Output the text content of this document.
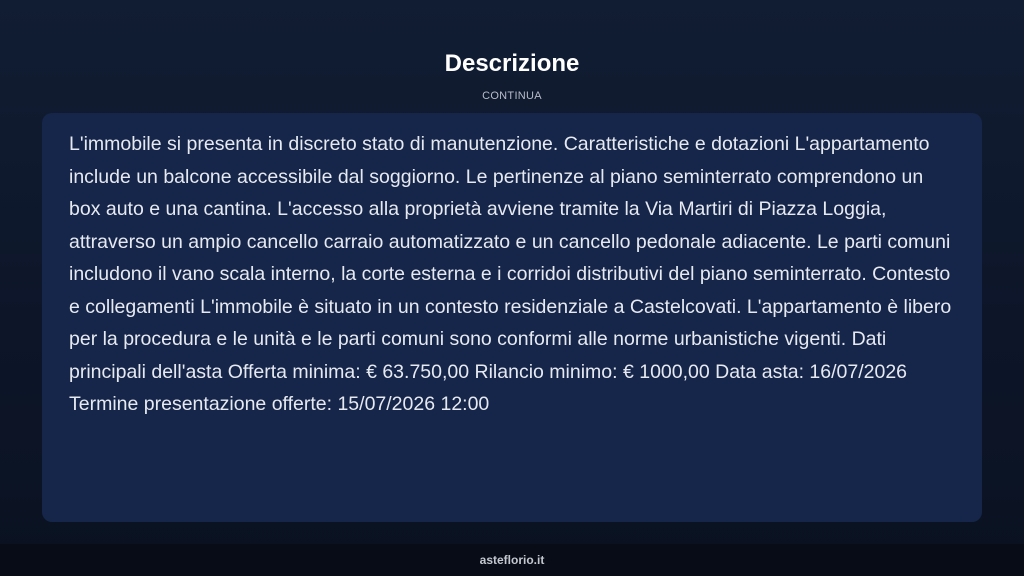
Descrizione
CONTINUA

L'immobile si presenta in discreto stato di manutenzione. Caratteristiche e dotazioni L'appartamento include un balcone accessibile dal soggiorno. Le pertinenze al piano seminterrato comprendono un box auto e una cantina. L'accesso alla proprietà avviene tramite la Via Martiri di Piazza Loggia, attraverso un ampio cancello carraio automatizzato e un cancello pedonale adiacente. Le parti comuni includono il vano scala interno, la corte esterna e i corridoi distributivi del piano seminterrato. Contesto e collegamenti L'immobile è situato in un contesto residenziale a Castelcovati. L'appartamento è libero per la procedura e le unità e le parti comuni sono conformi alle norme urbanistiche vigenti. Dati principali dell'asta Offerta minima: € 63.750,00 Rilancio minimo: € 1000,00 Data asta: 16/07/2026 Termine presentazione offerte: 15/07/2026 12:00

asteflorio.it
